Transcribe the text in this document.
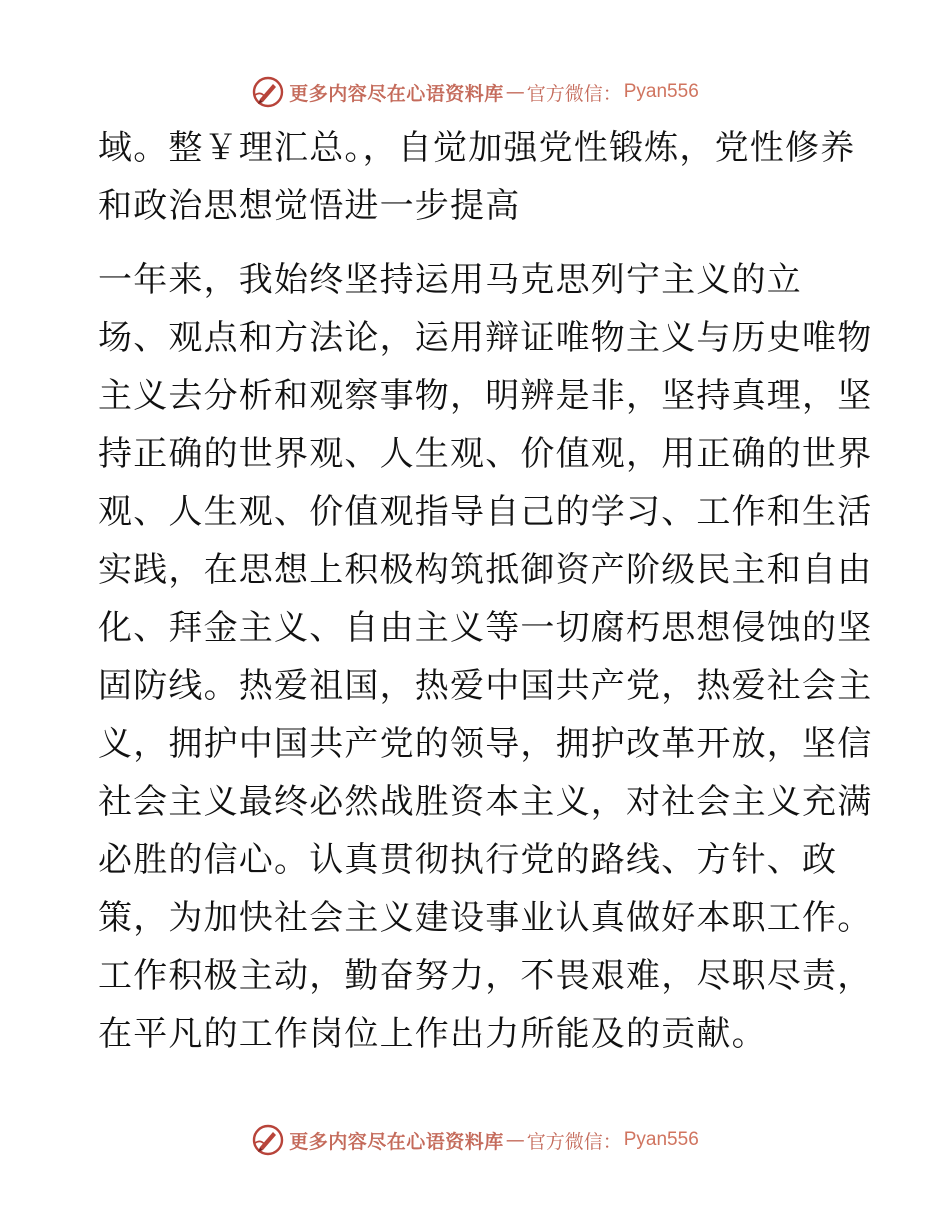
更多内容尽在心语资料库 — 官方微信： Pyan556
域。整￥理汇总。，自觉加强党性锻炼，党性修养
和政治思想觉悟进一步提高
一年来，我始终坚持运用马克思列宁主义的立
场、观点和方法论，运用辩证唯物主义与历史唯物
主义去分析和观察事物，明辨是非，坚持真理，坚
持正确的世界观、人生观、价值观，用正确的世界
观、人生观、价值观指导自己的学习、工作和生活
实践，在思想上积极构筑抵御资产阶级民主和自由
化、拜金主义、自由主义等一切腐朽思想侵蚀的坚
固防线。热爱祖国，热爱中国共产党，热爱社会主
义，拥护中国共产党的领导，拥护改革开放，坚信
社会主义最终必然战胜资本主义，对社会主义充满
必胜的信心。认真贯彻执行党的路线、方针、政
策，为加快社会主义建设事业认真做好本职工作。
工作积极主动，勤奋努力，不畏艰难，尽职尽责，
在平凡的工作岗位上作出力所能及的贡献。
更多内容尽在心语资料库 — 官方微信： Pyan556
